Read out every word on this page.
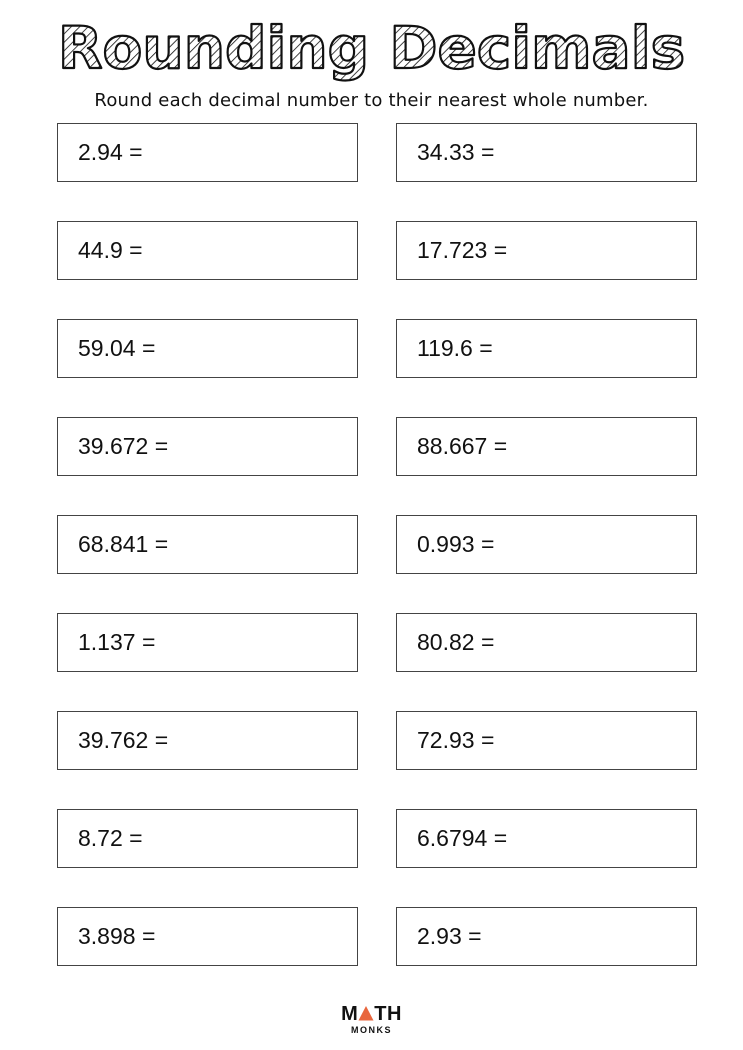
Rounding Decimals
Round each decimal number to their nearest whole number.
2.94 =	34.33 =
44.9 =	17.723 =
59.04 =	119.6 =
39.672 =	88.667 =
68.841 =	0.993 =
1.137 =	80.82 =
39.762 =	72.93 =
8.72 =	6.6794 =
3.898 =	2.93 =
M TH
MONKS
